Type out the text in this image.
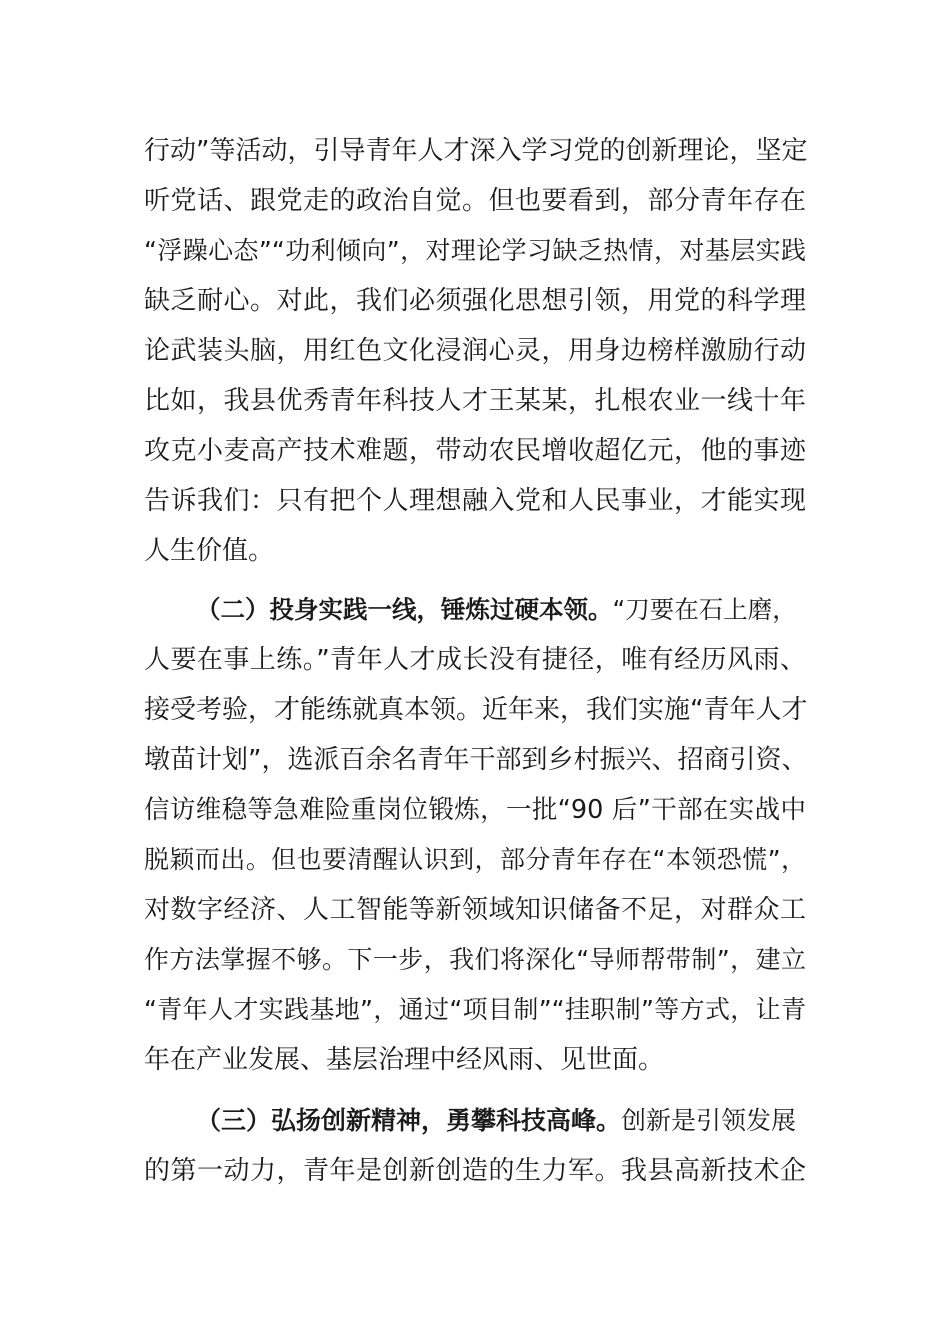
行动”等活动，引导青年人才深入学习党的创新理论，坚定
听党话、跟党走的政治自觉。但也要看到，部分青年存在
“浮躁心态”“功利倾向”，对理论学习缺乏热情，对基层实践
缺乏耐心。对此，我们必须强化思想引领，用党的科学理
论武装头脑，用红色文化浸润心灵，用身边榜样激励行动
比如，我县优秀青年科技人才王某某，扎根农业一线十年
攻克小麦高产技术难题，带动农民增收超亿元，他的事迹
告诉我们：只有把个人理想融入党和人民事业，才能实现
人生价值。
（二）投身实践一线，锤炼过硬本领。“刀要在石上磨，
人要在事上练。”青年人才成长没有捷径，唯有经历风雨、
接受考验，才能练就真本领。近年来，我们实施“青年人才
墩苗计划”，选派百余名青年干部到乡村振兴、招商引资、
信访维稳等急难险重岗位锻炼，一批“90 后”干部在实战中
脱颖而出。但也要清醒认识到，部分青年存在“本领恐慌”，
对数字经济、人工智能等新领域知识储备不足，对群众工
作方法掌握不够。下一步，我们将深化“导师帮带制”，建立
“青年人才实践基地”，通过“项目制”“挂职制”等方式，让青
年在产业发展、基层治理中经风雨、见世面。
（三）弘扬创新精神，勇攀科技高峰。创新是引领发展
的第一动力，青年是创新创造的生力军。我县高新技术企
